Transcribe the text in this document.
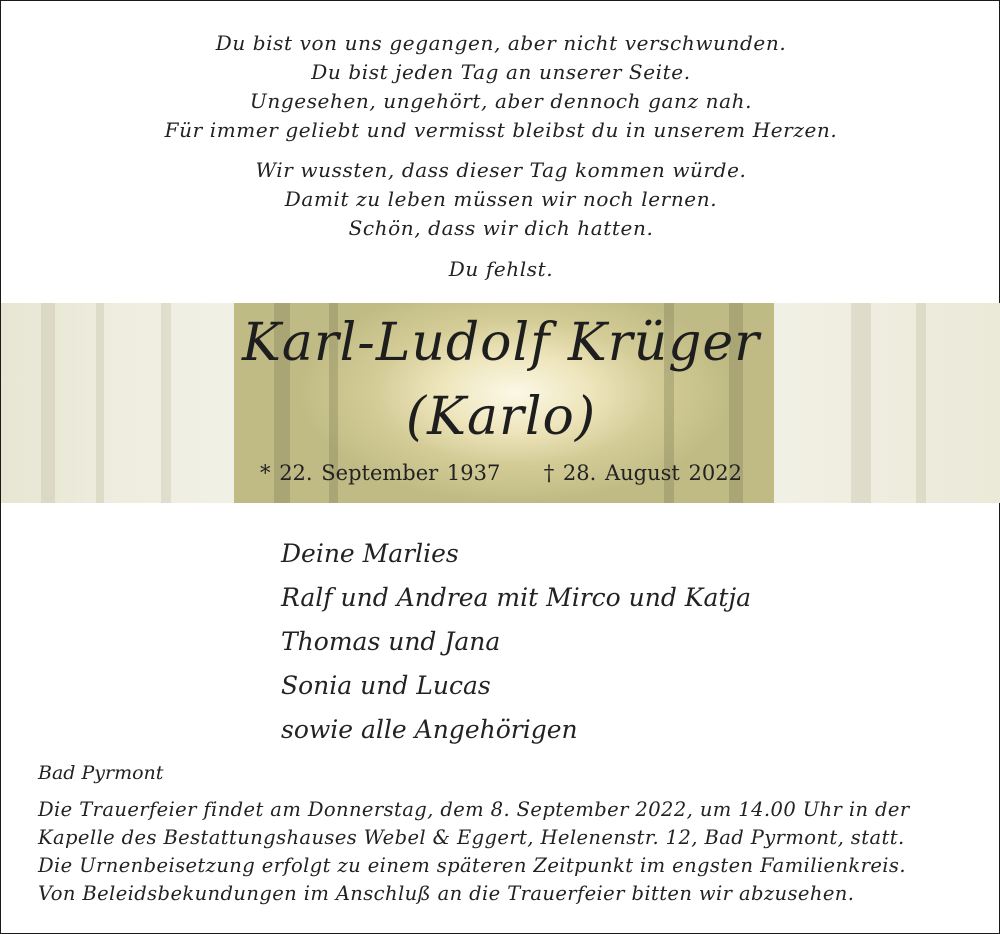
Du bist von uns gegangen, aber nicht verschwunden.

Du bist jeden Tag an unserer Seite.

Ungesehen, ungehört, aber dennoch ganz nah.

Für immer geliebt und vermisst bleibst du in unserem Herzen.

Wir wussten, dass dieser Tag kommen würde.

Damit zu leben müssen wir noch lernen.

Schön, dass wir dich hatten.

Du fehlst.

Karl-Ludolf Krüger
(Karlo)
* 22. September 1937 † 28. August 2022
Deine Marlies
Ralf und Andrea mit Mirco und Katja
Thomas und Jana
Sonia und Lucas
sowie alle Angehörigen
Bad Pyrmont

Die Trauerfeier findet am Donnerstag, dem 8. September 2022, um 14.00 Uhr in der

Kapelle des Bestattungshauses Webel & Eggert, Helenenstr. 12, Bad Pyrmont, statt.

Die Urnenbeisetzung erfolgt zu einem späteren Zeitpunkt im engsten Familienkreis.

Von Beleidsbekundungen im Anschluß an die Trauerfeier bitten wir abzusehen.
